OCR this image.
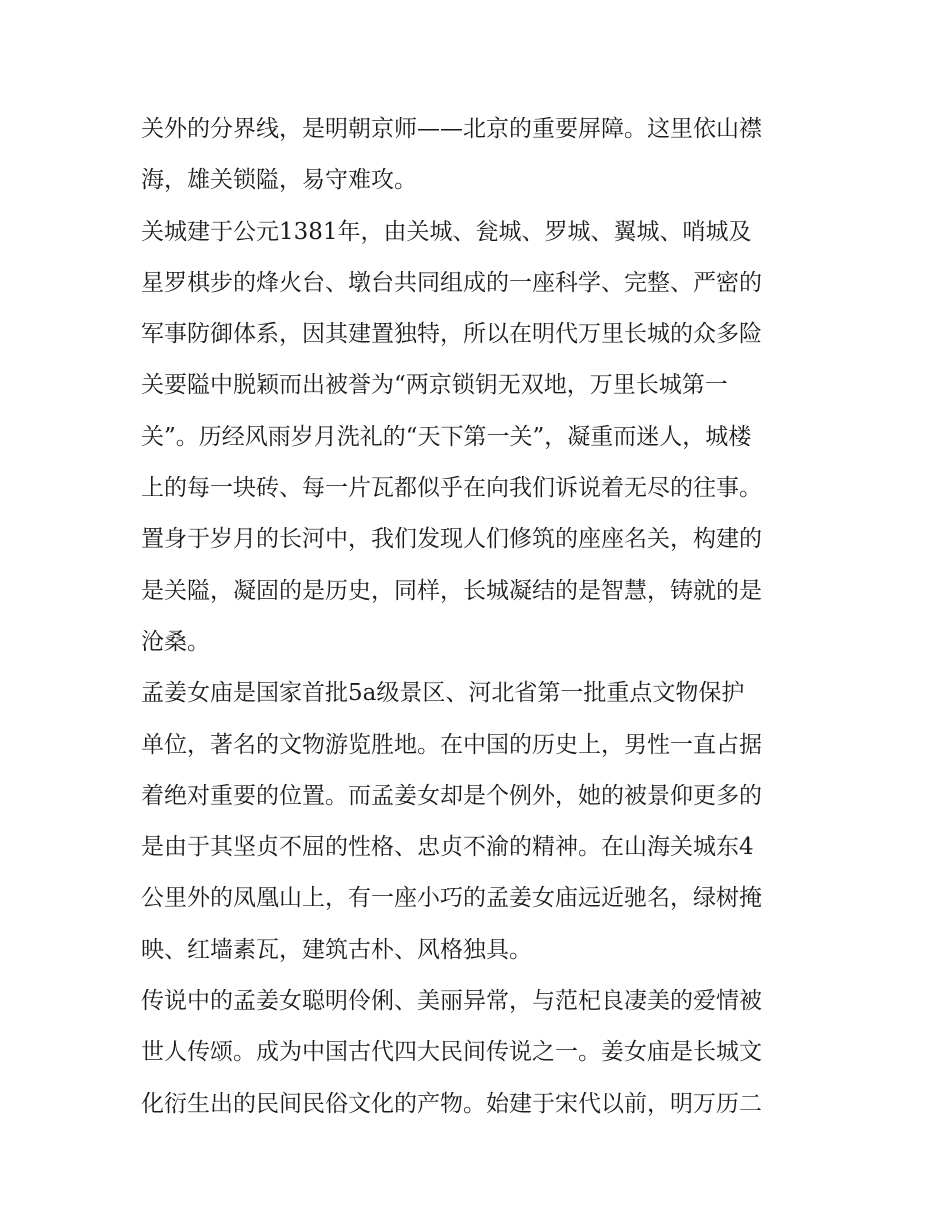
关外的分界线，是明朝京师——北京的重要屏障。这里依山襟
海，雄关锁隘，易守难攻。
关城建于公元1381年，由关城、瓮城、罗城、翼城、哨城及
星罗棋步的烽火台、墩台共同组成的一座科学、完整、严密的
军事防御体系，因其建置独特，所以在明代万里长城的众多险
关要隘中脱颖而出被誉为“两京锁钥无双地，万里长城第一
关”。历经风雨岁月洗礼的“天下第一关”，凝重而迷人，城楼
上的每一块砖、每一片瓦都似乎在向我们诉说着无尽的往事。
置身于岁月的长河中，我们发现人们修筑的座座名关，构建的
是关隘，凝固的是历史，同样，长城凝结的是智慧，铸就的是
沧桑。
孟姜女庙是国家首批5a级景区、河北省第一批重点文物保护
单位，著名的文物游览胜地。在中国的历史上，男性一直占据
着绝对重要的位置。而孟姜女却是个例外，她的被景仰更多的
是由于其坚贞不屈的性格、忠贞不渝的精神。在山海关城东4
公里外的凤凰山上，有一座小巧的孟姜女庙远近驰名，绿树掩
映、红墙素瓦，建筑古朴、风格独具。
传说中的孟姜女聪明伶俐、美丽异常，与范杞良凄美的爱情被
世人传颂。成为中国古代四大民间传说之一。姜女庙是长城文
化衍生出的民间民俗文化的产物。始建于宋代以前，明万历二
